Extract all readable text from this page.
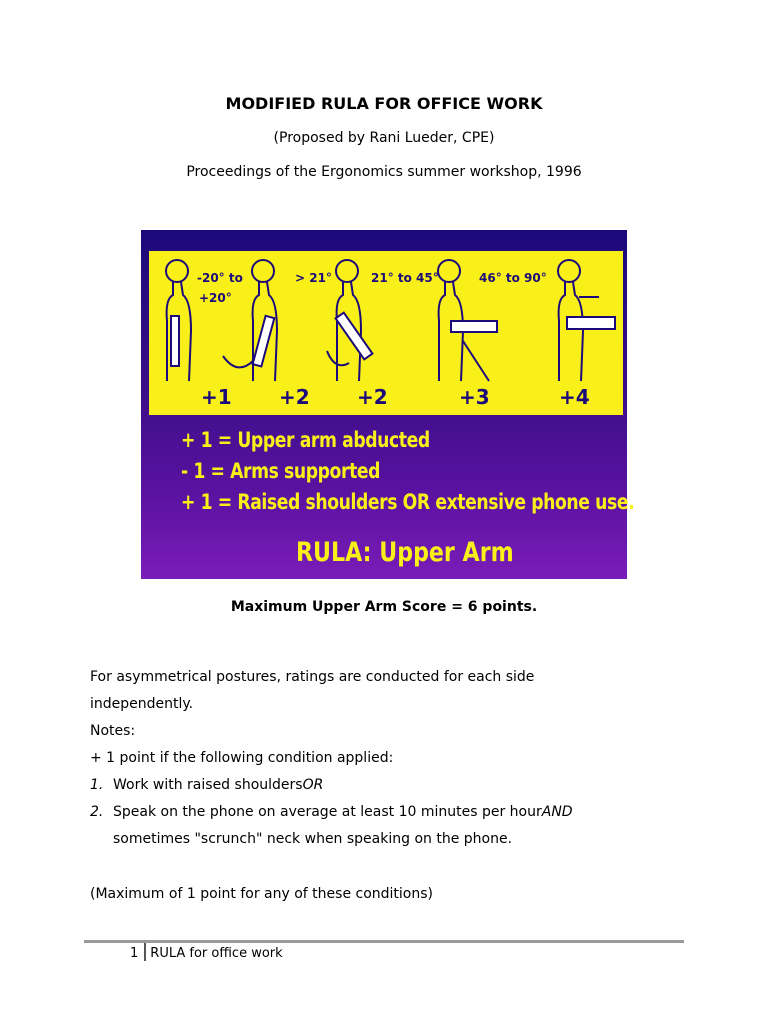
MODIFIED RULA FOR OFFICE WORK
(Proposed by Rani Lueder, CPE)
Proceedings of the Ergonomics summer workshop, 1996
-20° to
+20°
> 21°	21° to 45°	46° to 90°
+1 +2 +2	+3	+4
+ 1 = Upper arm abducted
- 1 = Arms supported
+ 1 = Raised shoulders OR extensive phone use.
RULA: Upper Arm
Maximum Upper Arm Score = 6 points.
For asymmetrical postures, ratings are conducted for each side
independently.
Notes:
+ 1 point if the following condition applied:
1. Work with raised shouldersOR
2. Speak on the phone on average at least 10 minutes per hourAND
sometimes "scrunch" neck when speaking on the phone.
(Maximum of 1 point for any of these conditions)
1 RULA for office work
